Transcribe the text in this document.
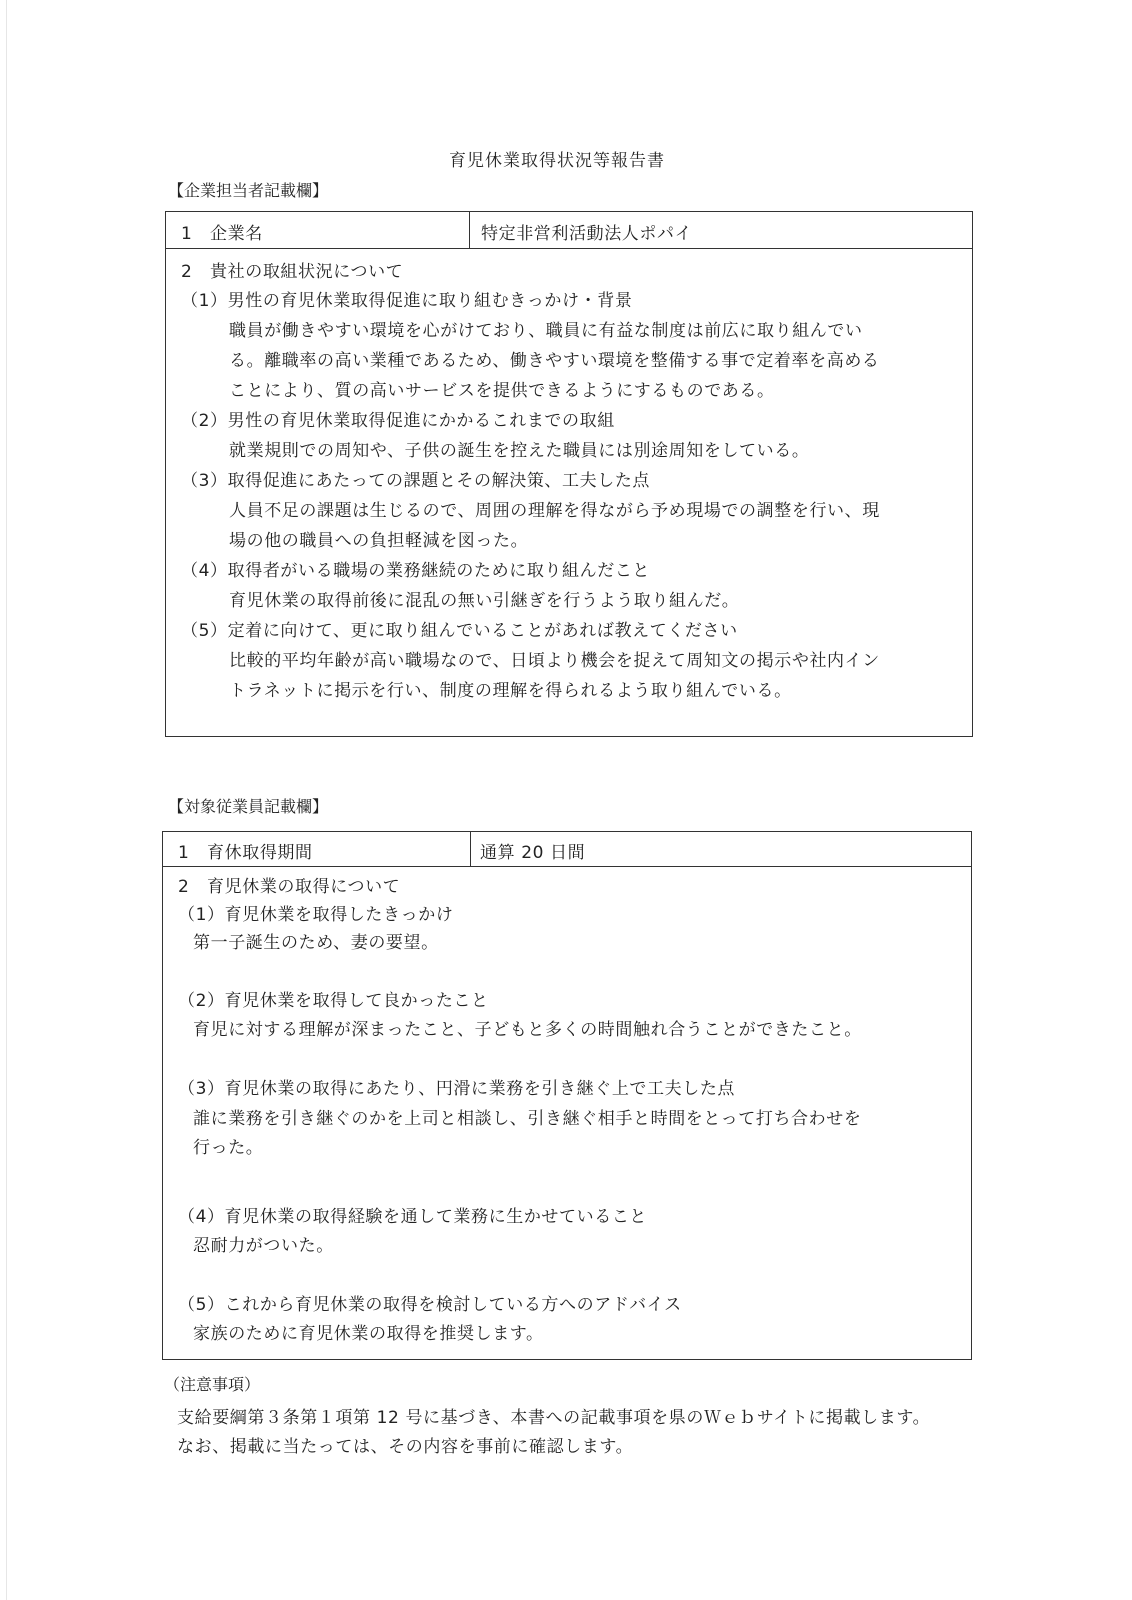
育児休業取得状況等報告書
【企業担当者記載欄】
1　企業名	特定非営利活動法人ポパイ
2　貴社の取組状況について
（1）男性の育児休業取得促進に取り組むきっかけ・背景
職員が働きやすい環境を心がけており、職員に有益な制度は前広に取り組んでい
る。離職率の高い業種であるため、働きやすい環境を整備する事で定着率を高める
ことにより、質の高いサービスを提供できるようにするものである。
（2）男性の育児休業取得促進にかかるこれまでの取組
就業規則での周知や、子供の誕生を控えた職員には別途周知をしている。
（3）取得促進にあたっての課題とその解決策、工夫した点
人員不足の課題は生じるので、周囲の理解を得ながら予め現場での調整を行い、現
場の他の職員への負担軽減を図った。
（4）取得者がいる職場の業務継続のために取り組んだこと
育児休業の取得前後に混乱の無い引継ぎを行うよう取り組んだ。
（5）定着に向けて、更に取り組んでいることがあれば教えてください
比較的平均年齢が高い職場なので、日頃より機会を捉えて周知文の掲示や社内イン
トラネットに掲示を行い、制度の理解を得られるよう取り組んでいる。
【対象従業員記載欄】
1　育休取得期間	通算 20 日間
2　育児休業の取得について
（1）育児休業を取得したきっかけ
第一子誕生のため、妻の要望。
（2）育児休業を取得して良かったこと
育児に対する理解が深まったこと、子どもと多くの時間触れ合うことができたこと。
（3）育児休業の取得にあたり、円滑に業務を引き継ぐ上で工夫した点
誰に業務を引き継ぐのかを上司と相談し、引き継ぐ相手と時間をとって打ち合わせを
行った。
（4）育児休業の取得経験を通して業務に生かせていること
忍耐力がついた。
（5）これから育児休業の取得を検討している方へのアドバイス
家族のために育児休業の取得を推奨します。
（注意事項）
支給要綱第３条第１項第 12 号に基づき、本書への記載事項を県のＷｅｂサイトに掲載します。
なお、掲載に当たっては、その内容を事前に確認します。
